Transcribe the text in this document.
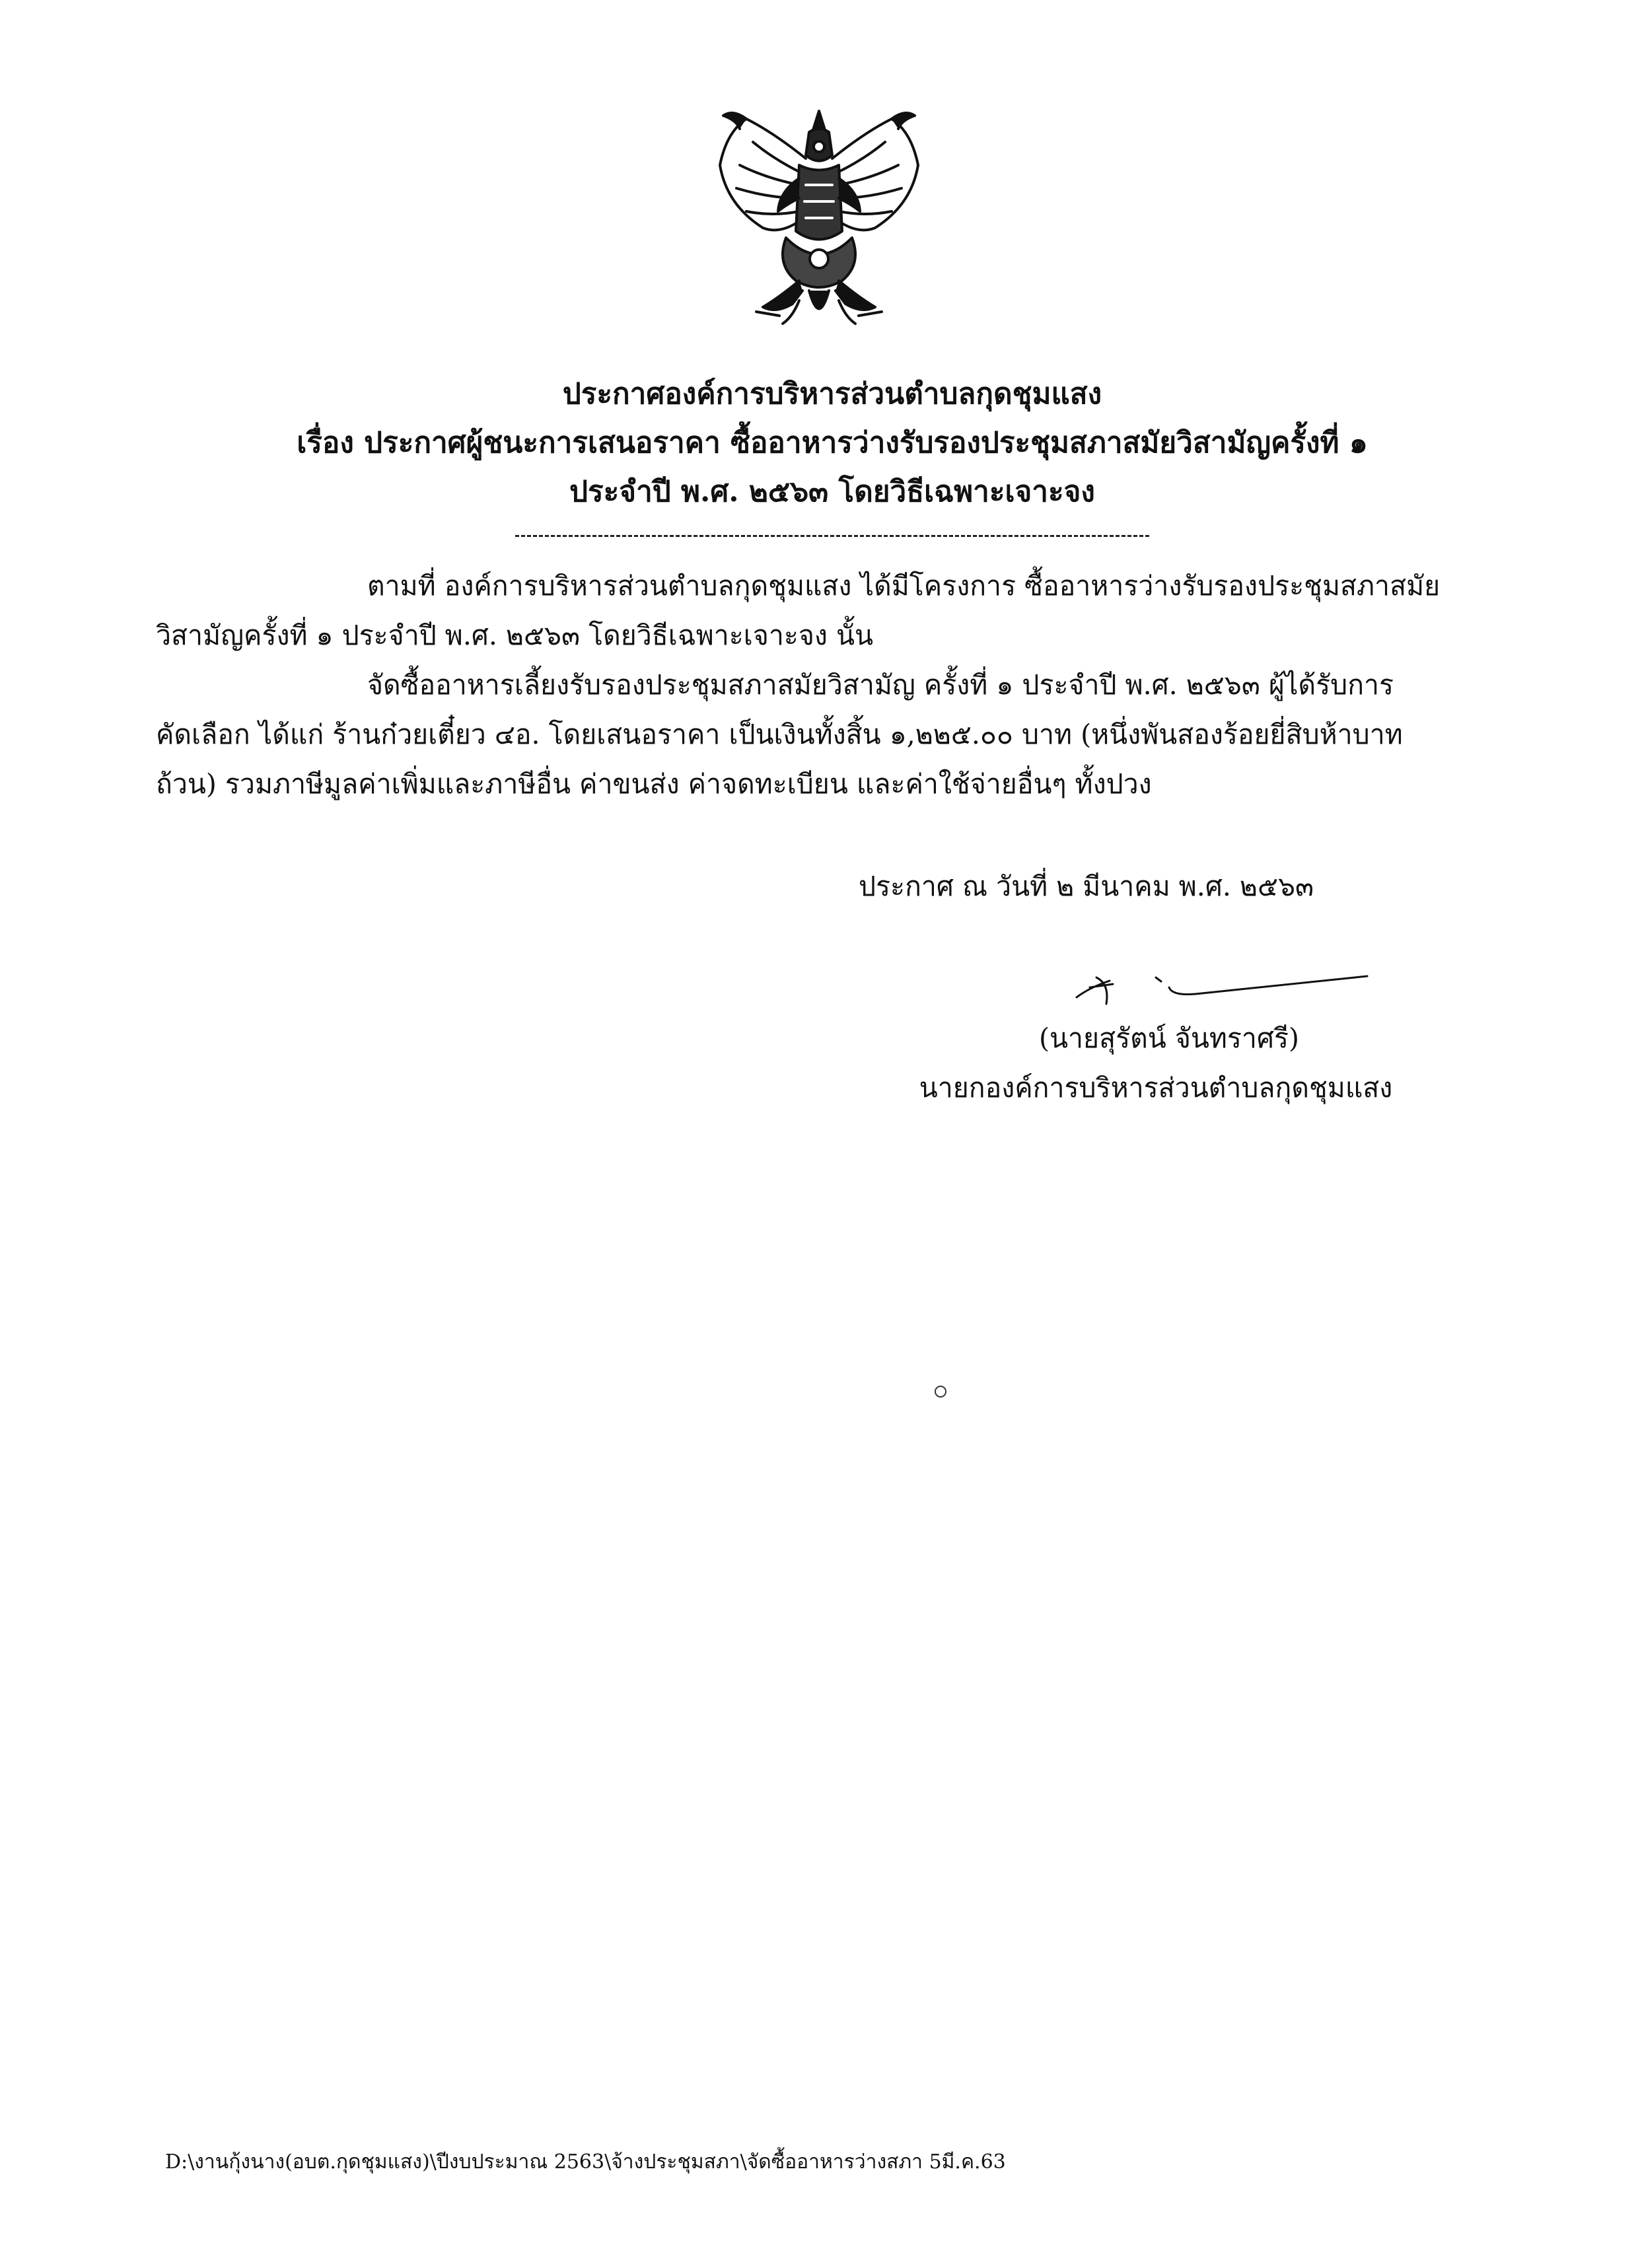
ประกาศองค์การบริหารส่วนตำบลกุดชุมแสง
เรื่อง ประกาศผู้ชนะการเสนอราคา ซื้ออาหารว่างรับรองประชุมสภาสมัยวิสามัญครั้งที่ ๑
ประจำปี พ.ศ. ๒๕๖๓ โดยวิธีเฉพาะเจาะจง
ตามที่ องค์การบริหารส่วนตำบลกุดชุมแสง ได้มีโครงการ ซื้ออาหารว่างรับรองประชุมสภาสมัย
วิสามัญครั้งที่ ๑ ประจำปี พ.ศ. ๒๕๖๓ โดยวิธีเฉพาะเจาะจง นั้น
จัดซื้ออาหารเลี้ยงรับรองประชุมสภาสมัยวิสามัญ ครั้งที่ ๑ ประจำปี พ.ศ. ๒๕๖๓ ผู้ได้รับการ
คัดเลือก ได้แก่ ร้านก๋วยเตี๋ยว ๔อ. โดยเสนอราคา เป็นเงินทั้งสิ้น ๑,๒๒๕.๐๐ บาท (หนึ่งพันสองร้อยยี่สิบห้าบาท
ถ้วน) รวมภาษีมูลค่าเพิ่มและภาษีอื่น ค่าขนส่ง ค่าจดทะเบียน และค่าใช้จ่ายอื่นๆ ทั้งปวง
ประกาศ ณ วันที่ ๒ มีนาคม พ.ศ. ๒๕๖๓
(นายสุรัตน์ จันทราศรี)
นายกองค์การบริหารส่วนตำบลกุดชุมแสง
D:\งานกุ้งนาง(อบต.กุดชุมแสง)\ปีงบประมาณ 2563\จ้างประชุมสภา\จัดซื้ออาหารว่างสภา 5มี.ค.63
